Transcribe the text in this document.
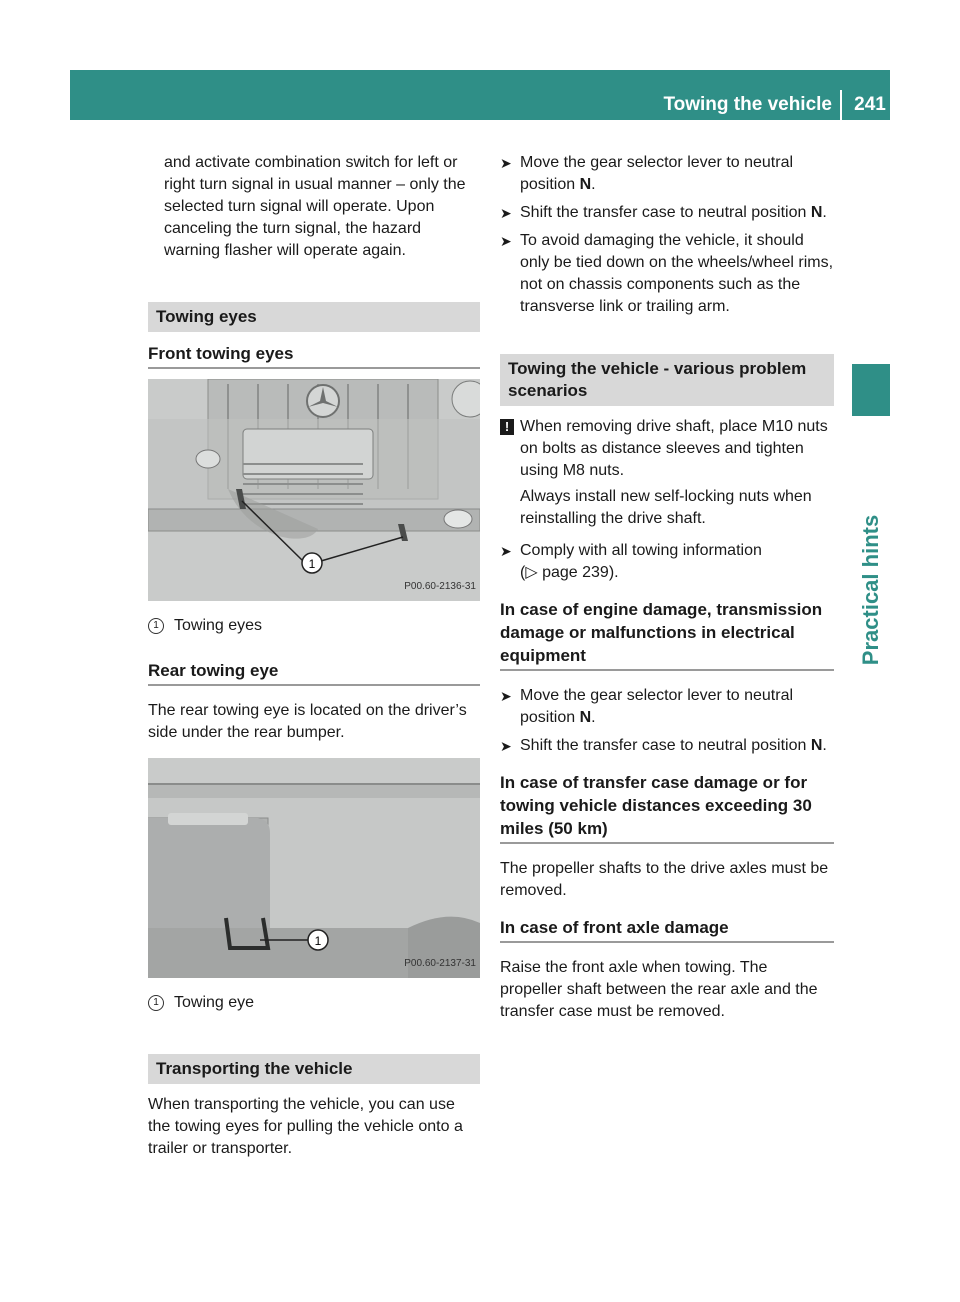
Towing the vehicle	241
Practical hints

and activate combination switch for left or right turn signal in usual manner – only the selected turn signal will operate. Upon canceling the turn signal, the hazard warning flasher will operate again.

Towing eyes
Front towing eyes
1
P00.60-2136-31

1 Towing eyes

Rear towing eye

The rear towing eye is located on the driver’s side under the rear bumper.

1
P00.60-2137-31

1 Towing eye

Transporting the vehicle

When transporting the vehicle, you can use the towing eyes for pulling the vehicle onto a trailer or transporter.

➤ Move the gear selector lever to neutral position N.
➤ Shift the transfer case to neutral position N.
➤ To avoid damaging the vehicle, it should only be tied down on the wheels/wheel rims, not on chassis components such as the transverse link or trailing arm.
Towing the vehicle - various problem scenarios
! When removing drive shaft, place M10 nuts on bolts as distance sleeves and tighten using M8 nuts.

Always install new self-locking nuts when reinstalling the drive shaft.

➤ Comply with all towing information
(▷ page 239).
In case of engine damage, transmission damage or malfunctions in electrical equipment
➤ Move the gear selector lever to neutral position N.
➤ Shift the transfer case to neutral position N.
In case of transfer case damage or for towing vehicle distances exceeding 30 miles (50 km)

The propeller shafts to the drive axles must be removed.

In case of front axle damage

Raise the front axle when towing. The propeller shaft between the rear axle and the transfer case must be removed.
